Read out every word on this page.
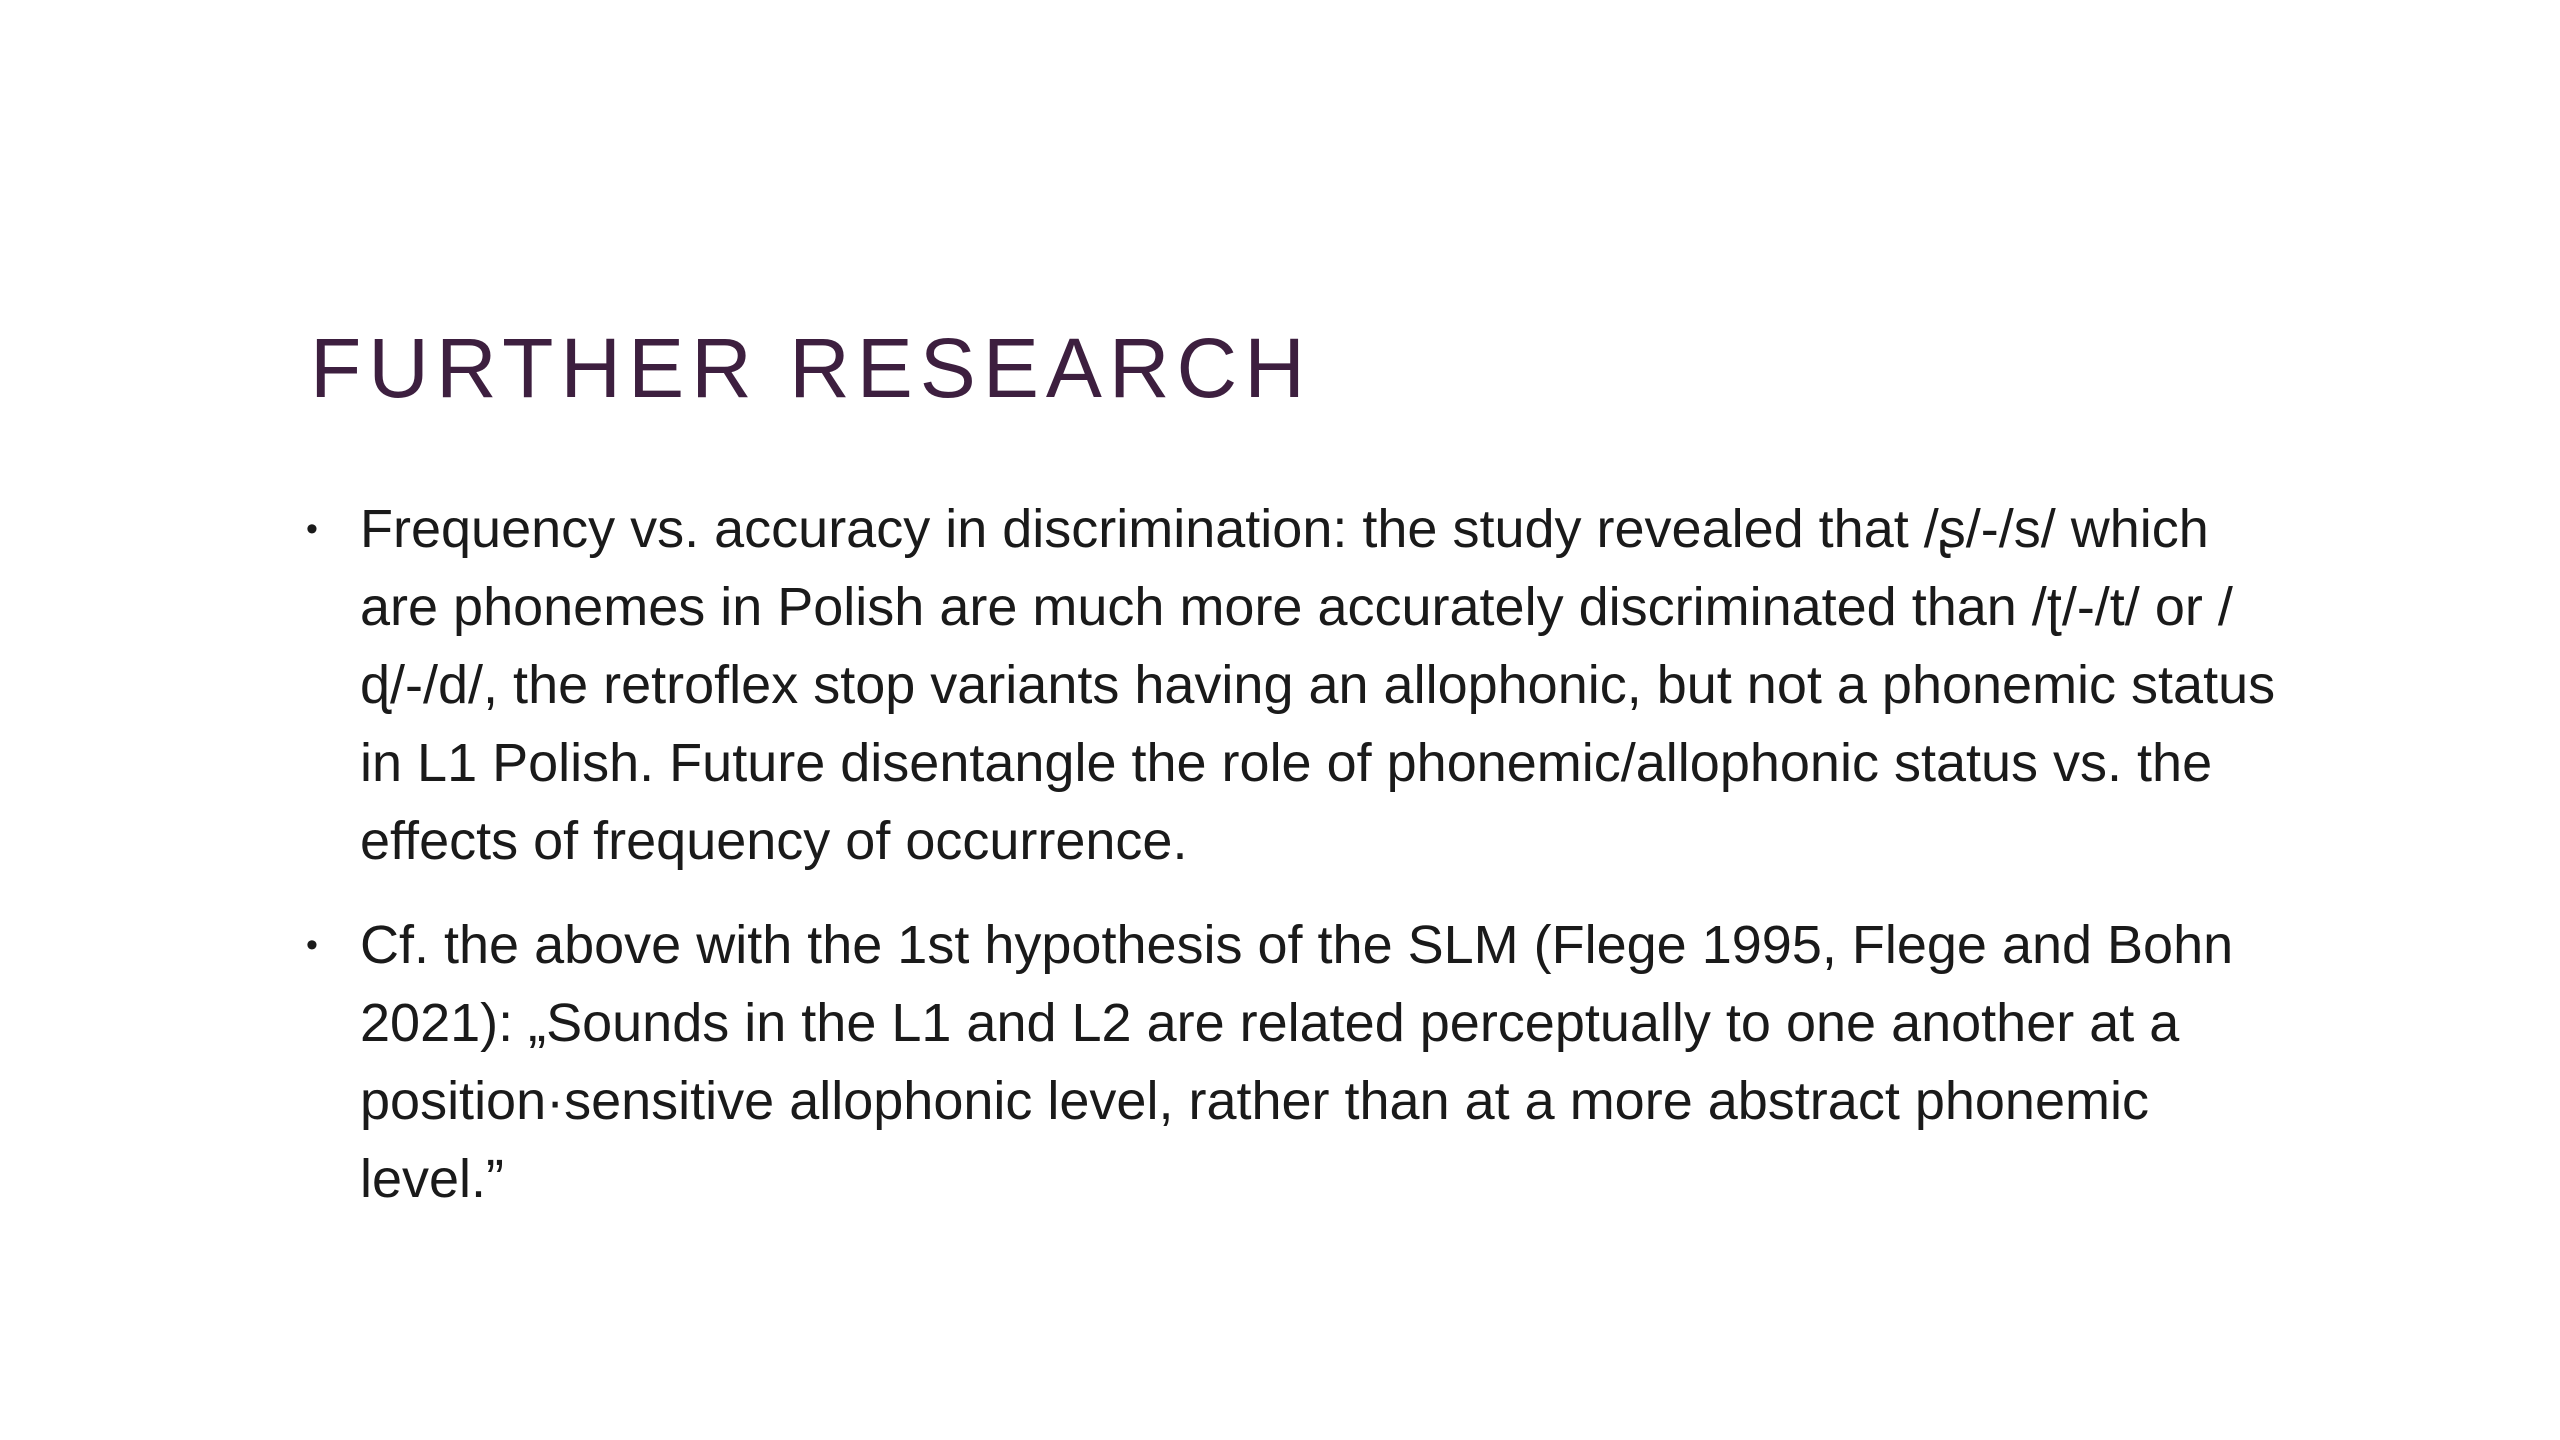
FURTHER RESEARCH
• Frequency vs. accuracy in discrimination: the study revealed that /ʂ/-/s/ which are phonemes in Polish are much more accurately discriminated than /ʈ/-/t/ or /ɖ/-/d/, the retroflex stop variants having an allophonic, but not a phonemic status in L1 Polish. Future disentangle the role of phonemic/allophonic status vs. the effects of frequency of occurrence.
• Cf. the above with the 1st hypothesis of the SLM (Flege 1995, Flege and Bohn 2021): „Sounds in the L1 and L2 are related perceptually to one another at a position·sensitive allophonic level, rather than at a more abstract phonemic level.”
